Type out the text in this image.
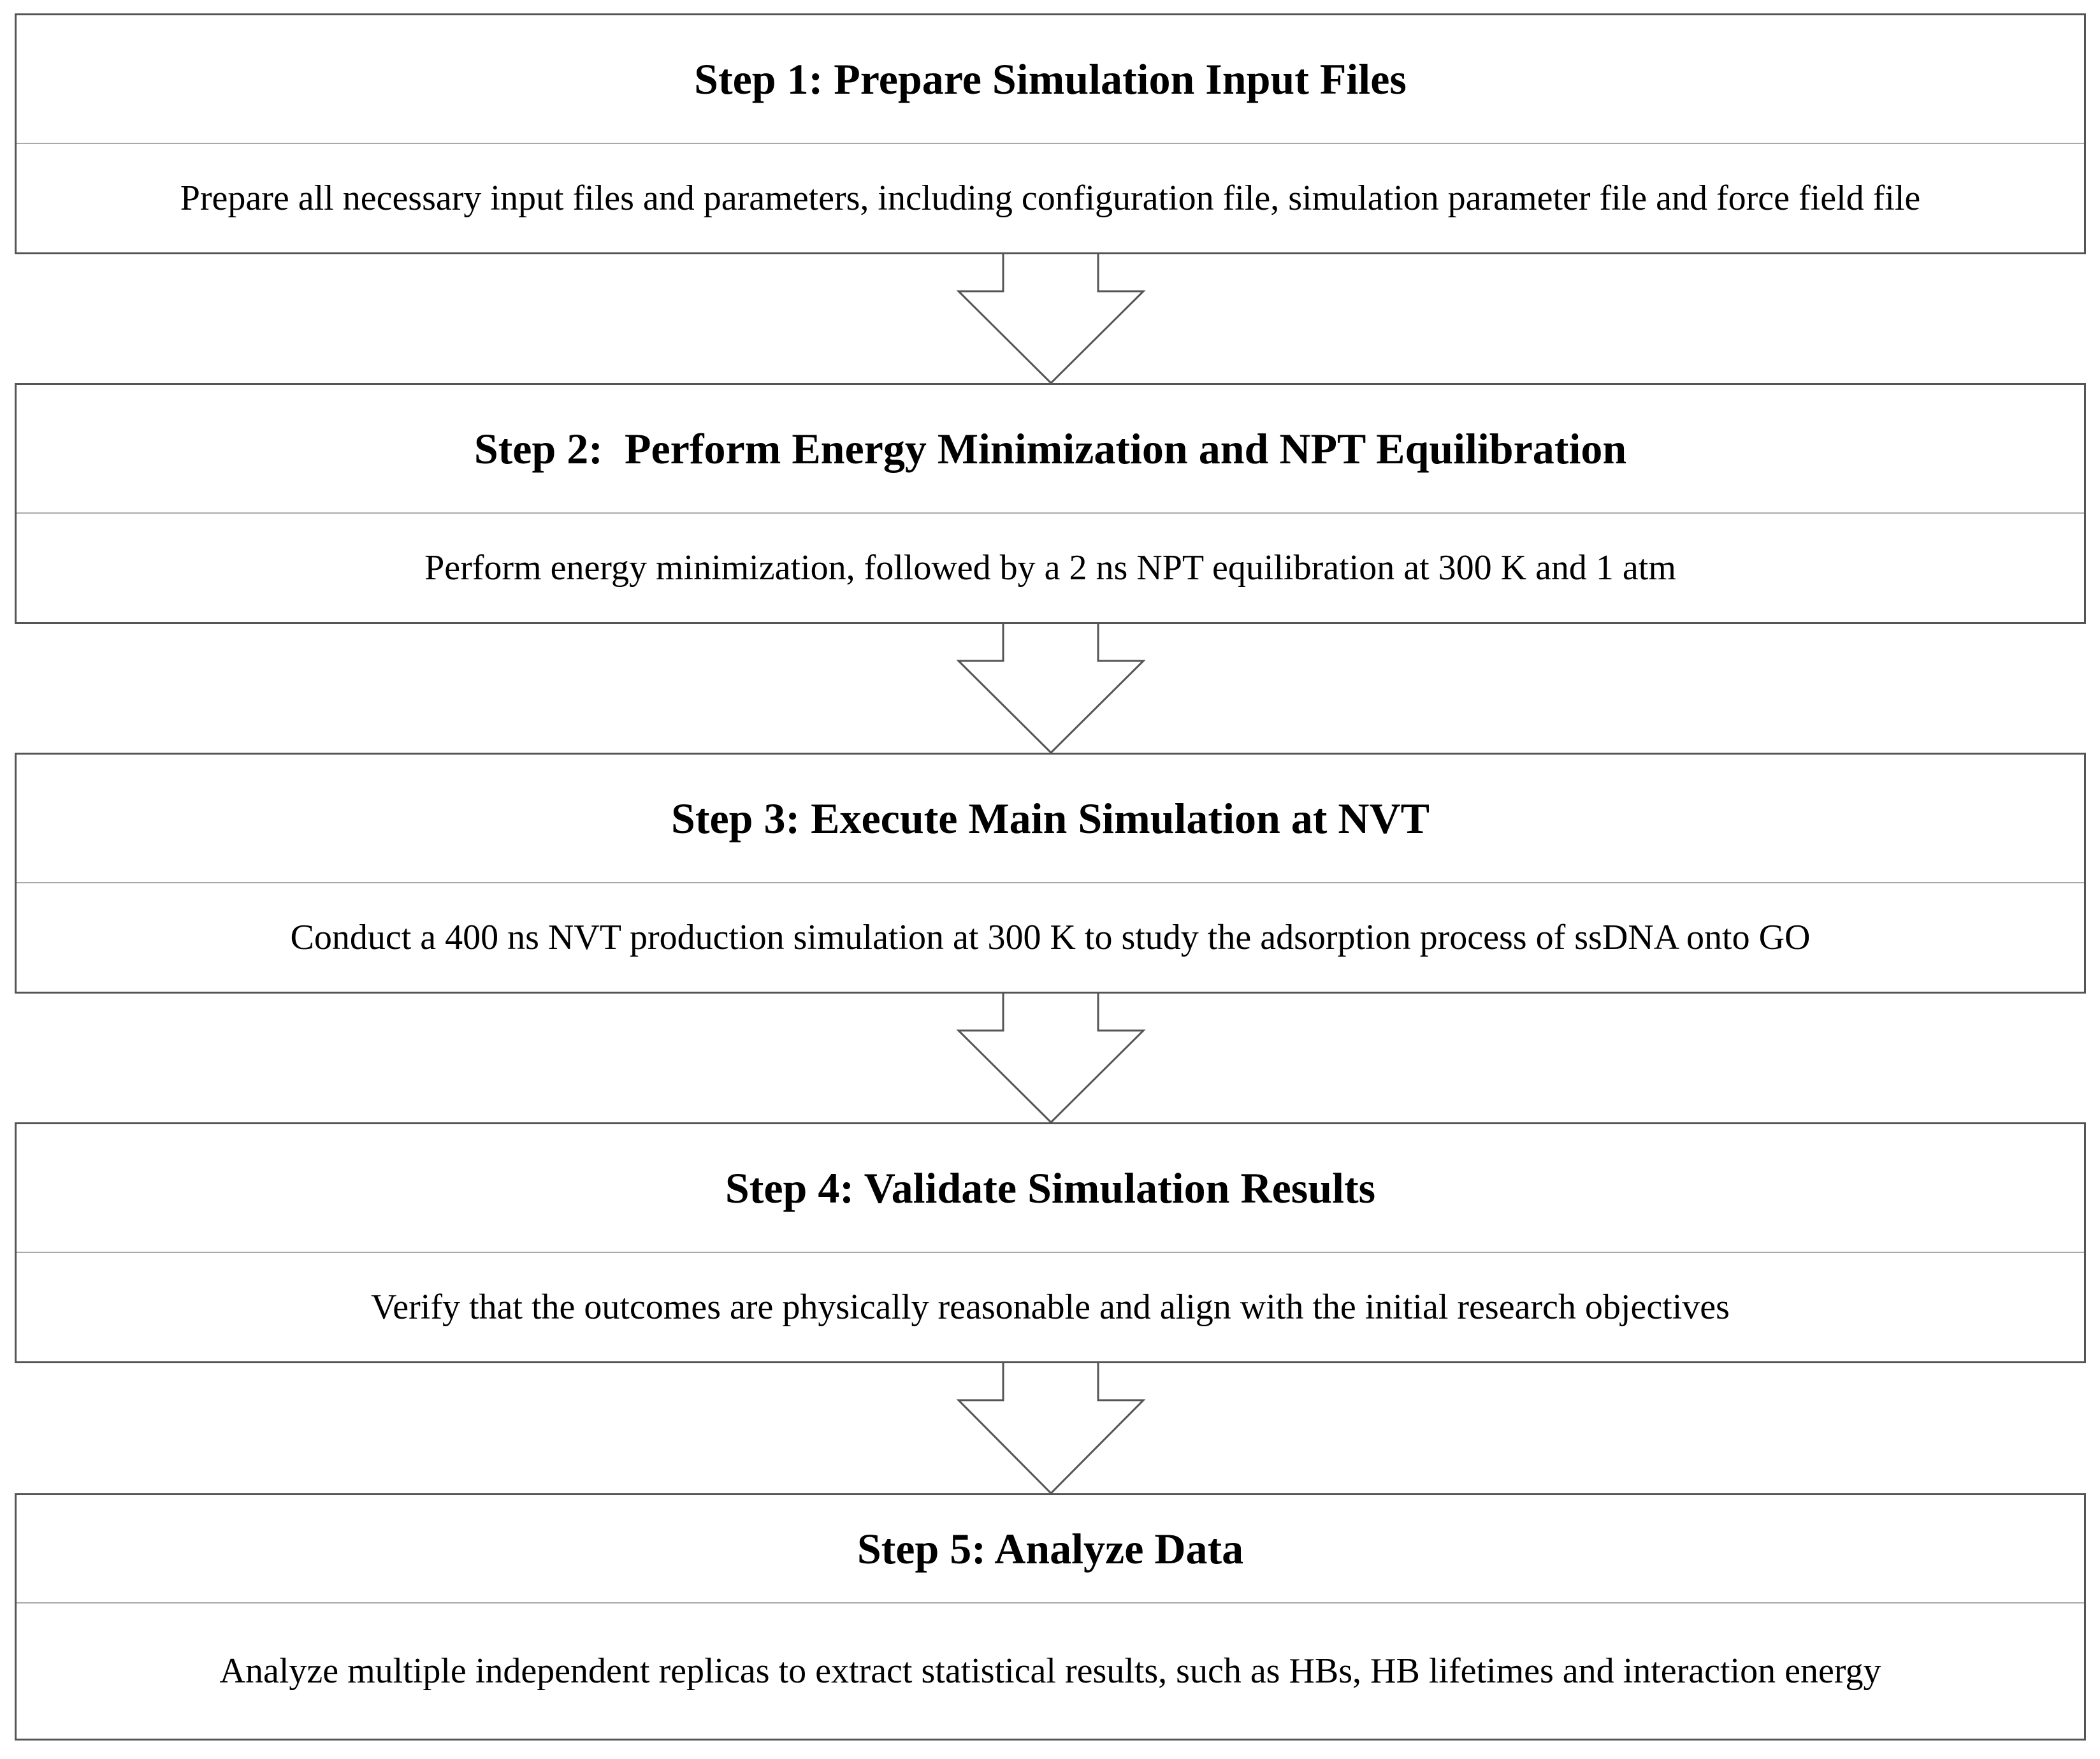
Step 1: Prepare Simulation Input Files
Prepare all necessary input files and parameters, including configuration file, simulation parameter file and force field file
Step 2:  Perform Energy Minimization and NPT Equilibration
Perform energy minimization, followed by a 2 ns NPT equilibration at 300 K and 1 atm
Step 3: Execute Main Simulation at NVT
Conduct a 400 ns NVT production simulation at 300 K to study the adsorption process of ssDNA onto GO
Step 4: Validate Simulation Results
Verify that the outcomes are physically reasonable and align with the initial research objectives
Step 5: Analyze Data
Analyze multiple independent replicas to extract statistical results, such as HBs, HB lifetimes and interaction energy
